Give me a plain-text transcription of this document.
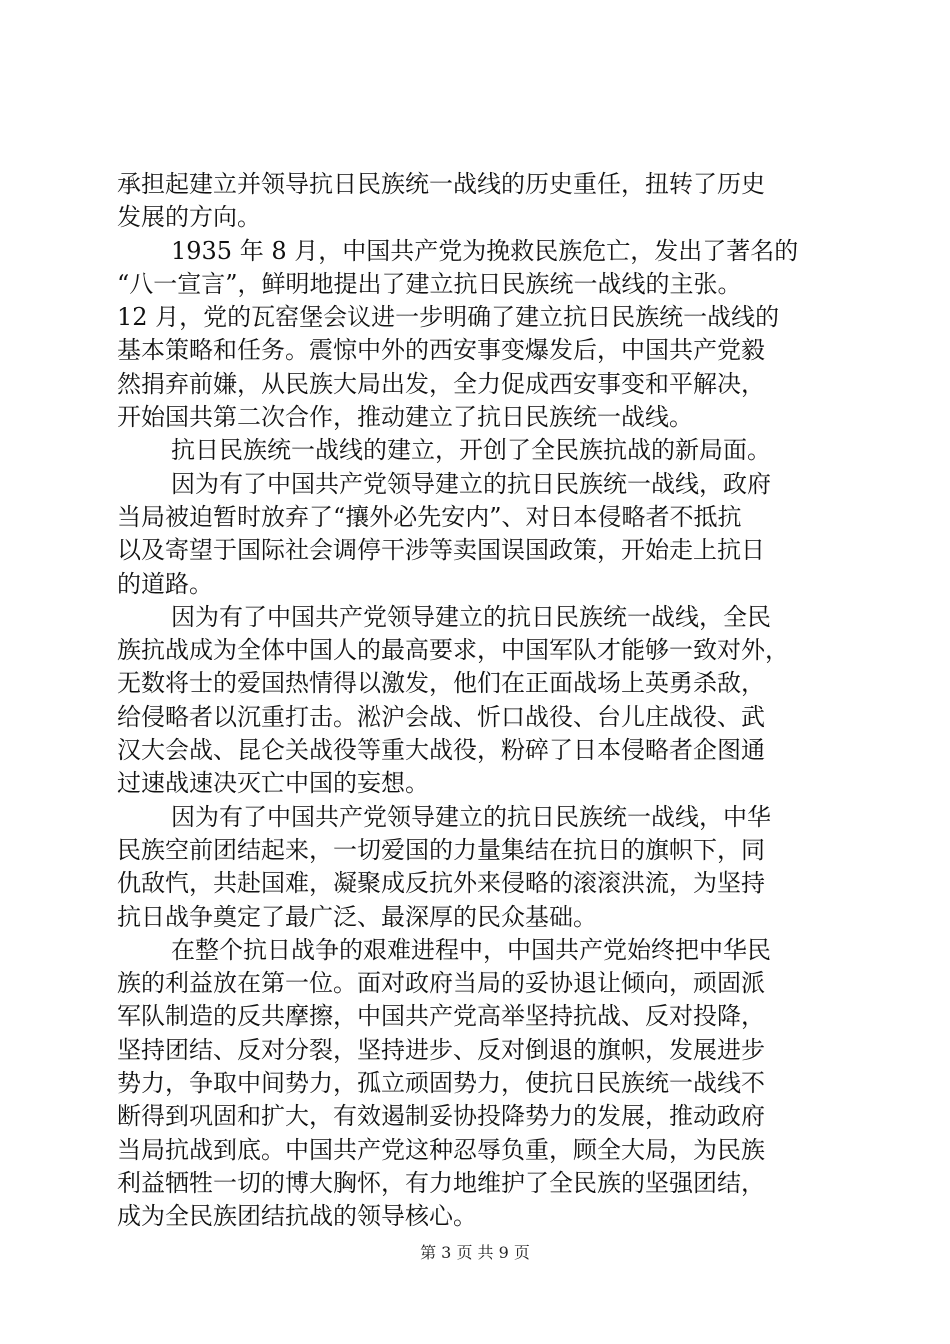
承担起建立并领导抗日民族统一战线的历史重任，扭转了历史
发展的方向。
1935 年 8 月，中国共产党为挽救民族危亡，发出了著名的
“八一宣言”，鲜明地提出了建立抗日民族统一战线的主张。
12 月，党的瓦窑堡会议进一步明确了建立抗日民族统一战线的
基本策略和任务。震惊中外的西安事变爆发后，中国共产党毅
然捐弃前嫌，从民族大局出发，全力促成西安事变和平解决，
开始国共第二次合作，推动建立了抗日民族统一战线。
抗日民族统一战线的建立，开创了全民族抗战的新局面。
因为有了中国共产党领导建立的抗日民族统一战线，政府
当局被迫暂时放弃了“攘外必先安内”、对日本侵略者不抵抗
以及寄望于国际社会调停干涉等卖国误国政策，开始走上抗日
的道路。
因为有了中国共产党领导建立的抗日民族统一战线，全民
族抗战成为全体中国人的最高要求，中国军队才能够一致对外，
无数将士的爱国热情得以激发，他们在正面战场上英勇杀敌，
给侵略者以沉重打击。淞沪会战、忻口战役、台儿庄战役、武
汉大会战、昆仑关战役等重大战役，粉碎了日本侵略者企图通
过速战速决灭亡中国的妄想。
因为有了中国共产党领导建立的抗日民族统一战线，中华
民族空前团结起来，一切爱国的力量集结在抗日的旗帜下，同
仇敌忾，共赴国难，凝聚成反抗外来侵略的滚滚洪流，为坚持
抗日战争奠定了最广泛、最深厚的民众基础。
在整个抗日战争的艰难进程中，中国共产党始终把中华民
族的利益放在第一位。面对政府当局的妥协退让倾向，顽固派
军队制造的反共摩擦，中国共产党高举坚持抗战、反对投降，
坚持团结、反对分裂，坚持进步、反对倒退的旗帜，发展进步
势力，争取中间势力，孤立顽固势力，使抗日民族统一战线不
断得到巩固和扩大，有效遏制妥协投降势力的发展，推动政府
当局抗战到底。中国共产党这种忍辱负重，顾全大局，为民族
利益牺牲一切的博大胸怀，有力地维护了全民族的坚强团结，
成为全民族团结抗战的领导核心。
第 3 页 共 9 页
